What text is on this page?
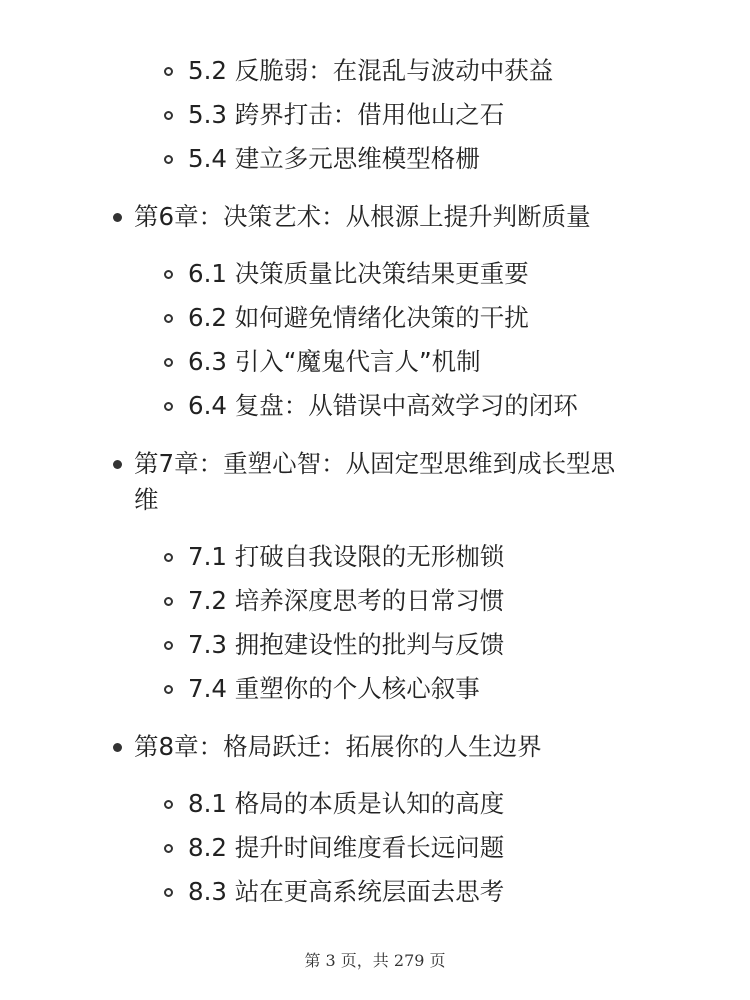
5.2 反脆弱：在混乱与波动中获益
5.3 跨界打击：借用他山之石
5.4 建立多元思维模型格栅
第6章：决策艺术：从根源上提升判断质量
6.1 决策质量比决策结果更重要
6.2 如何避免情绪化决策的干扰
6.3 引入“魔鬼代言人”机制
6.4 复盘：从错误中高效学习的闭环
第7章：重塑心智：从固定型思维到成长型思
维
7.1 打破自我设限的无形枷锁
7.2 培养深度思考的日常习惯
7.3 拥抱建设性的批判与反馈
7.4 重塑你的个人核心叙事
第8章：格局跃迁：拓展你的人生边界
8.1 格局的本质是认知的高度
8.2 提升时间维度看长远问题
8.3 站在更高系统层面去思考
第 3 页，共 279 页
